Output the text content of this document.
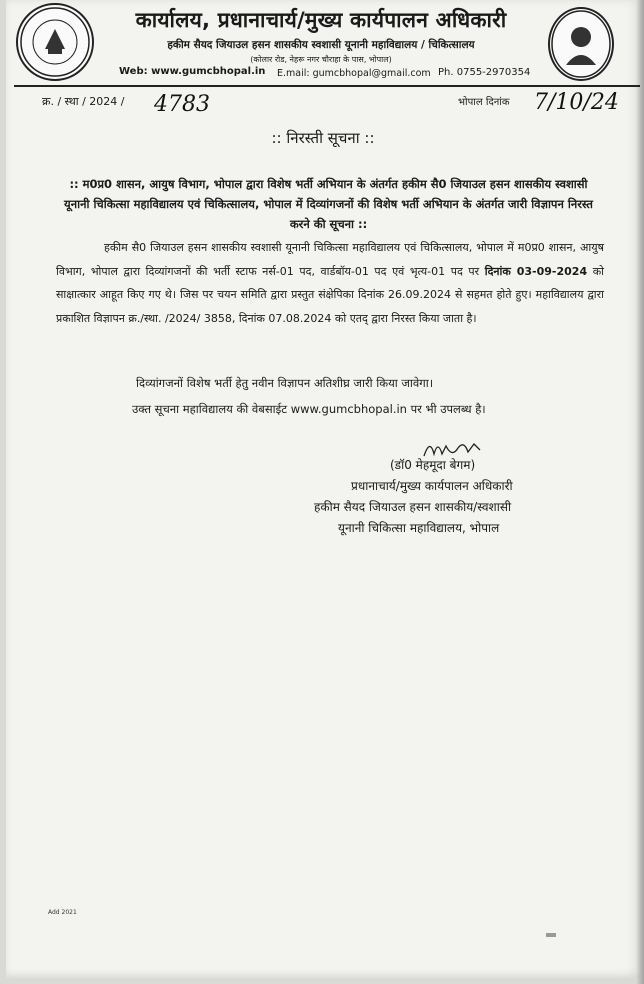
कार्यालय, प्रधानाचार्य/मुख्य कार्यपालन अधिकारी
हकीम सैयद जियाउल हसन शासकीय स्वशासी यूनानी महाविद्यालय / चिकित्सालय
(कोलार रोड, नेहरू नगर चौराहा के पास, भोपाल)
Web: www.gumcbhopal.in E.mail: gumcbhopal@gmail.com Ph. 0755-2970354
क्र. / स्था / 2024 / 4783	भोपाल दिनांक 7/10/24
:: निरस्ती सूचना ::
:: म0प्र0 शासन, आयुष विभाग, भोपाल द्वारा विशेष भर्ती अभियान के अंतर्गत हकीम सै0 जियाउल हसन शासकीय स्वशासी यूनानी चिकित्सा महाविद्यालय एवं चिकित्सालय, भोपाल में दिव्यांगजनों की विशेष भर्ती अभियान के अंतर्गत जारी विज्ञापन निरस्त करने की सूचना ::

हकीम सै0 जियाउल हसन शासकीय स्वशासी यूनानी चिकित्सा महाविद्यालय एवं चिकित्सालय, भोपाल में म0प्र0 शासन, आयुष विभाग, भोपाल द्वारा दिव्यांगजनों की भर्ती स्टाफ नर्स-01 पद, वार्डबॉय-01 पद एवं भृत्य-01 पद पर दिनांक 03-09-2024 को साक्षात्कार आहूत किए गए थे। जिस पर चयन समिति द्वारा प्रस्तुत संक्षेपिका दिनांक 26.09.2024 से सहमत होते हुए। महाविद्यालय द्वारा प्रकाशित विज्ञापन क्र./स्था. /2024/ 3858, दिनांक 07.08.2024 को एतद् द्वारा निरस्त किया जाता है।

दिव्यांगजनों विशेष भर्ती हेतु नवीन विज्ञापन अतिशीघ्र जारी किया जावेगा।
उक्त सूचना महाविद्यालय की वेबसाईट www.gumcbhopal.in पर भी उपलब्ध है।
(डॉ0 मेहमूदा बेगम)
प्रधानाचार्य/मुख्य कार्यपालन अधिकारी
हकीम सैयद जियाउल हसन शासकीय/स्वशासी
यूनानी चिकित्सा महाविद्यालय, भोपाल
Add 2021
